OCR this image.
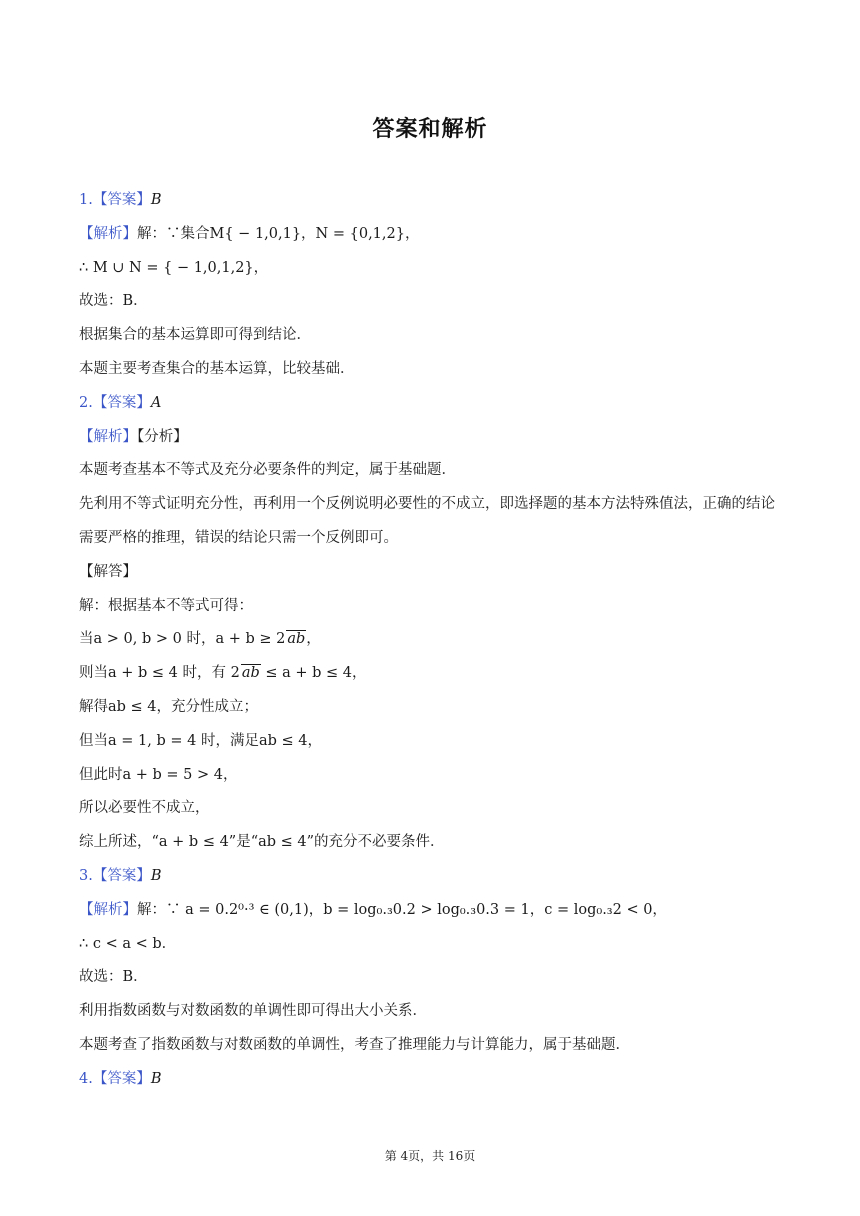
答案和解析
1.【答案】B
【解析】解：∵集合M{ − 1,0,1}，N = {0,1,2}，
∴ M ∪ N = { − 1,0,1,2}，
故选：B．
根据集合的基本运算即可得到结论．
本题主要考查集合的基本运算，比较基础．
2.【答案】A
【解析】【分析】
本题考查基本不等式及充分必要条件的判定，属于基础题．
先利用不等式证明充分性，再利用一个反例说明必要性的不成立，即选择题的基本方法特殊值法，正确的结论需要严格的推理，错误的结论只需一个反例即可。
【解答】
解：根据基本不等式可得：
当a > 0, b > 0 时，a + b ≥ 2 ab，
则当a + b ≤ 4 时，有 2 ab ≤ a + b ≤ 4，
解得ab ≤ 4，充分性成立；
但当a = 1, b = 4 时，满足ab ≤ 4，
但此时a + b = 5 > 4，
所以必要性不成立，
综上所述，“a + b ≤ 4”是“ab ≤ 4”的充分不必要条件．
3.【答案】B
【解析】解：∵ a = 0.2⁰·³ ∈ (0,1)，b = log₀.₃0.2 > log₀.₃0.3 = 1，c = log₀.₃2 < 0，
∴ c < a < b．
故选：B．
利用指数函数与对数函数的单调性即可得出大小关系．
本题考查了指数函数与对数函数的单调性，考查了推理能力与计算能力，属于基础题．
4.【答案】B
第 4页，共 16页
